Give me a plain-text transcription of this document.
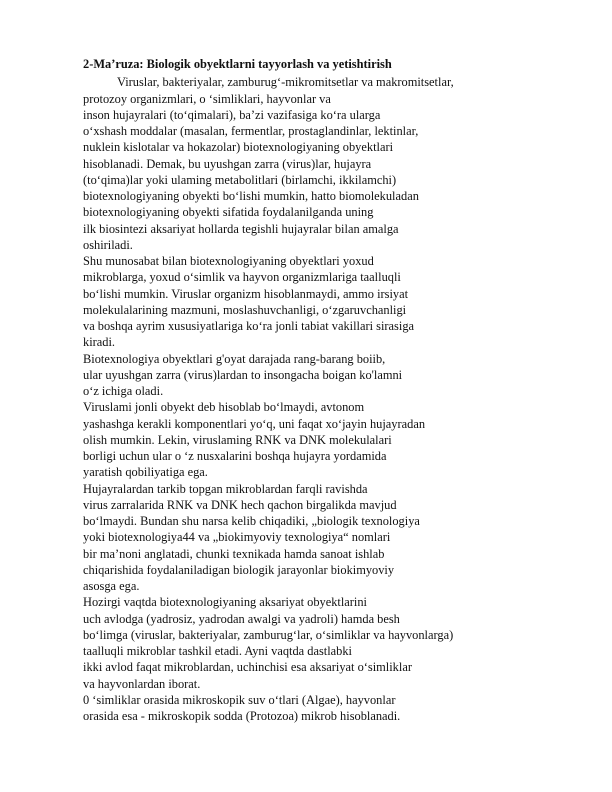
2-Ma’ruza: Biologik obyektlarni tayyorlash va yetishtirish
Viruslar, bakteriyalar, zamburug‘-mikromitsetlar va makromitsetlar,
protozoy organizmlari, o ‘simliklari, hayvonlar va
inson hujayralari (to‘qimalari), ba’zi vazifasiga ko‘ra ularga
o‘xshash moddalar (masalan, fermentlar, prostaglandinlar, lektinlar,
nuklein kislotalar va hokazolar) biotexnologiyaning obyektlari
hisoblanadi. Demak, bu uyushgan zarra (virus)lar, hujayra
(to‘qima)lar yoki ulaming metabolitlari (birlamchi, ikkilamchi)
biotexnologiyaning obyekti bo‘lishi mumkin, hatto biomolekuladan
biotexnologiyaning obyekti sifatida foydalanilganda uning
ilk biosintezi aksariyat hollarda tegishli hujayralar bilan amalga
oshiriladi.
Shu munosabat bilan biotexnologiyaning obyektlari yoxud
mikroblarga, yoxud o‘simlik va hayvon organizmlariga taalluqli
bo‘lishi mumkin. Viruslar organizm hisoblanmaydi, ammo irsiyat
molekulalarining mazmuni, moslashuvchanligi, o‘zgaruvchanligi
va boshqa ayrim xususiyatlariga ko‘ra jonli tabiat vakillari sirasiga
kiradi.
Biotexnologiya obyektlari g'oyat darajada rang-barang boiib,
ular uyushgan zarra (virus)lardan to insongacha boigan ko'lamni
o‘z ichiga oladi.
Viruslami jonli obyekt deb hisoblab bo‘lmaydi, avtonom
yashashga kerakli komponentlari yo‘q, uni faqat xo‘jayin hujayradan
olish mumkin. Lekin, viruslaming RNK va DNK molekulalari
borligi uchun ular o ‘z nusxalarini boshqa hujayra yordamida
yaratish qobiliyatiga ega.
Hujayralardan tarkib topgan mikroblardan farqli ravishda
virus zarralarida RNK va DNK hech qachon birgalikda mavjud
bo‘lmaydi. Bundan shu narsa kelib chiqadiki, „biologik texnologiya
yoki biotexnologiya44 va „biokimyoviy texnologiya“ nomlari
bir ma’noni anglatadi, chunki texnikada hamda sanoat ishlab
chiqarishida foydalaniladigan biologik jarayonlar biokimyoviy
asosga ega.
Hozirgi vaqtda biotexnologiyaning aksariyat obyektlarini
uch avlodga (yadrosiz, yadrodan awalgi va yadroli) hamda besh
bo‘limga (viruslar, bakteriyalar, zamburug‘lar, o‘simliklar va hayvonlarga)
taalluqli mikroblar tashkil etadi. Ayni vaqtda dastlabki
ikki avlod faqat mikroblardan, uchinchisi esa aksariyat o‘simliklar
va hayvonlardan iborat.
0 ‘simliklar orasida mikroskopik suv o‘tlari (Algae), hayvonlar
orasida esa - mikroskopik sodda (Protozoa) mikrob hisoblanadi.
